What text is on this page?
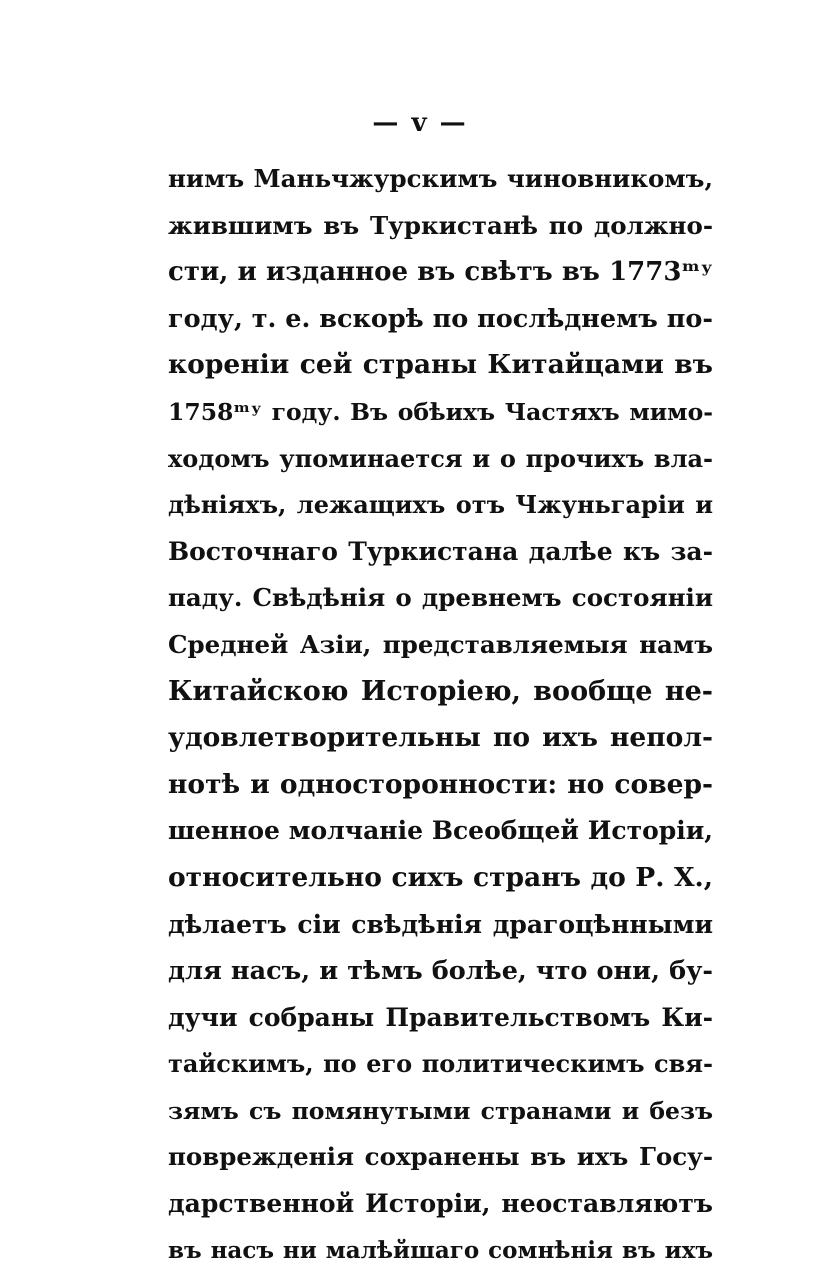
— v —
нимъ Маньчжурскимъ чиновникомъ,
жившимъ въ Туркистанѣ по должно-
сти, и изданное въ свѣтъ въ 1773ᵐʸ
году, т. е. вскорѣ по послѣднемъ по-
кореніи сей страны Китайцами въ
1758ᵐʸ году. Въ обѣихъ Частяхъ мимо-
ходомъ упоминается и о прочихъ вла-
дѣніяхъ, лежащихъ отъ Чжуньгаріи и
Восточнаго Туркистана далѣе къ за-
паду. Свѣдѣнія о древнемъ состояніи
Средней Азіи, представляемыя намъ
Китайскою Исторіею, вообще не-
удовлетворительны по ихъ непол-
нотѣ и односторонности: но совер-
шенное молчаніе Всеобщей Исторіи,
относительно сихъ странъ до Р. Х.,
дѣлаетъ сіи свѣдѣнія драгоцѣнными
для насъ, и тѣмъ болѣе, что они, бу-
дучи собраны Правительствомъ Ки-
тайскимъ, по его политическимъ свя-
зямъ съ помянутыми странами и безъ
поврежденія сохранены въ ихъ Госу-
дарственной Исторіи, неоставляютъ
въ насъ ни малѣйшаго сомнѣнія въ ихъ
